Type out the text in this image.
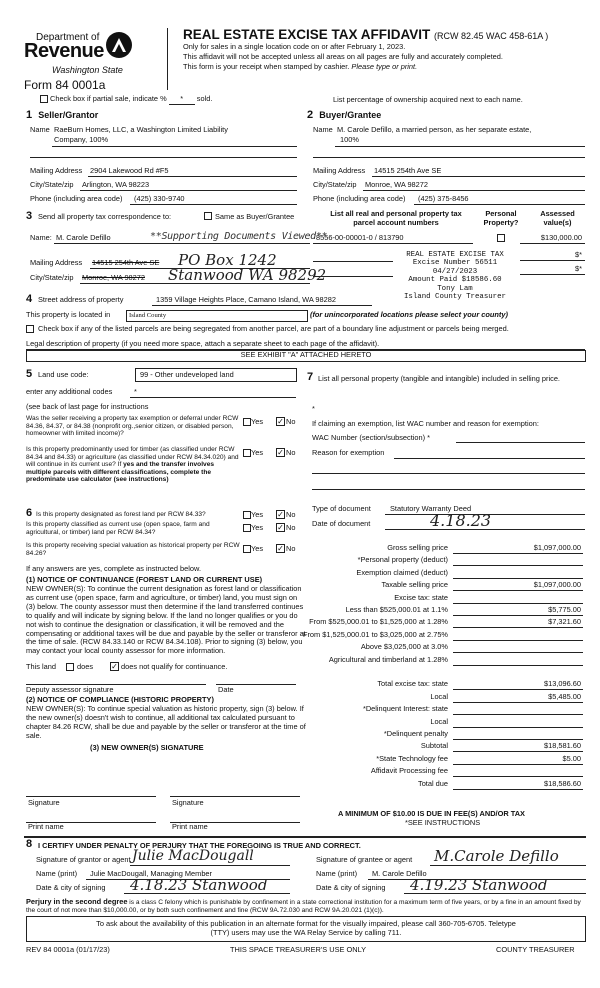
Department of
Revenue
Washington State
Form 84 0001a
REAL ESTATE EXCISE TAX AFFIDAVIT (RCW 82.45 WAC 458-61A )
Only for sales in a single location code on or after February 1, 2023.
This affidavit will not be accepted unless all areas on all pages are fully and accurately completed.
This form is your receipt when stamped by cashier. Please type or print.
Check box if partial sale, indicate % * sold.	List percentage of ownership acquired next to each name.
1 Seller/Grantor
Name RaeBurn Homes, LLC, a Washington Limited Liability
Company, 100%
Mailing Address 2904 Lakewood Rd #F5
City/State/zip Arlington, WA 98223
Phone (including area code) (425) 330-9740
2 Buyer/Grantee
Name M. Carole Defillo, a married person, as her separate estate,
100%
Mailing Address 14515 254th Ave SE
City/State/zip Monroe, WA 98272
Phone (including area code) (425) 375-8456
3 Send all property tax correspondence to:	Same as Buyer/Grantee
Name: M. Carole Defillo	**Supporting Documents Viewed**
Mailing Address 14515 254th Ave SE PO Box 1242
City/State/zip Monroe, WA 98272 Stanwood WA 98292
List all real and personal property tax
parcel account numbers
Personal
Property?
Assessed
value(s)
8556-00-00001-0 / 813790	$130,000.00
$*
$*
REAL ESTATE EXCISE TAX
Excise Number 56511
04/27/2023
Amount Paid $18586.60
Tony Lam
Island County Treasurer
4 Street address of property	1359 Village Heights Place, Camano Island, WA 98282
This property is located in	Island County	(for unincorporated locations please select your county)
Check box if any of the listed parcels are being segregated from another parcel, are part of a boundary line adjustment or parcels being merged.
Legal description of property (if you need more space, attach a separate sheet to each page of the affidavit).
SEE EXHIBIT "A" ATTACHED HERETO
5 Land use code:	99 - Other undeveloped land
enter any additional codes	*
(see back of last page for instructions
Was the seller receiving a property tax exemption or deferral under RCW 84.36, 84.37, or 84.38 (nonprofit org.,senior citizen, or disabled person, homeowner with limited income)?
Yes ✓ No
Is this property predominantly used for timber (as classified under RCW 84.34 and 84.33) or agriculture (as classified under RCW 84.34.020) and will continue in its current use? If yes and the transfer involves multiple parcels with different classifications, complete the predominate use calculator (see instructions)
Yes ✓ No
6 Is this property designated as forest land per RCW 84.33?	Yes ✓ No
Is this property classified as current use (open space, farm and agricultural, or timber) land per RCW 84.34?
Yes ✓ No
Is this property receiving special valuation as historical property per RCW 84.26?
Yes ✓ No
If any answers are yes, complete as instructed below.
(1) NOTICE OF CONTINUANCE (FOREST LAND OR CURRENT USE)
NEW OWNER(S): To continue the current designation as forest land or classification as current use (open space, farm and agriculture, or timber) land, you must sign on (3) below. The county assessor must then determine if the land transferred continues to qualify and will indicate by signing below. If the land no longer qualifies or you do not wish to continue the designation or classification, it will be removed and the compensating or additional taxes will be due and payable by the seller or transferor at the time of sale. (RCW 84.33.140 or RCW 84.34.108). Prior to signing (3) below, you may contact your local county assessor for more information.
This land	does ✓ does not qualify for continuance.
Deputy assessor signature	Date
(2) NOTICE OF COMPLIANCE (HISTORIC PROPERTY)
NEW OWNER(S): To continue special valuation as historic property, sign (3) below. If the new owner(s) doesn't wish to continue, all additional tax calculated pursuant to chapter 84.26 RCW, shall be due and payable by the seller or transferor at the time of sale.
(3) NEW OWNER(S) SIGNATURE
Signature	Signature
Print name	Print name
7 List all personal property (tangible and intangible) included in selling price.
*
If claiming an exemption, list WAC number and reason for exemption:
WAC Number (section/subsection) *
Reason for exemption
Type of document	Statutory Warranty Deed
Date of document	4.18.23
Gross selling price	$1,097,000.00
*Personal property (deduct)
Exemption claimed (deduct)
Taxable selling price	$1,097,000.00
Excise tax: state
Less than $525,000.01 at 1.1%	$5,775.00
From $525,000.01 to $1,525,000 at 1.28%	$7,321.60
From $1,525,000.01 to $3,025,000 at 2.75%
Above $3,025,000 at 3.0%
Agricultural and timberland at 1.28%
Total excise tax: state	$13,096.60
Local	$5,485.00
*Delinquent Interest: state
Local
*Delinquent penalty
Subtotal	$18,581.60
*State Technology fee	$5.00
Affidavit Processing fee
Total due	$18,586.60
A MINIMUM OF $10.00 IS DUE IN FEE(S) AND/OR TAX
*SEE INSTRUCTIONS
8 I CERTIFY UNDER PENALTY OF PERJURY THAT THE FOREGOING IS TRUE AND CORRECT.
Signature of grantor or agent Julie MacDougall
Name (print) Julie MacDougall, Managing Member
Date & city of signing 4.18.23 Stanwood
Signature of grantee or agent M.Carole Defillo
Name (print) M. Carole Defillo
Date & city of signing 4.19.23 Stanwood
Perjury in the second degree is a class C felony which is punishable by confinement in a state correctional institution for a maximum term of five years, or by a fine in an amount fixed by the court of not more than $10,000.00, or by both such confinement and fine (RCW 9A.72.030 and RCW 9A.20.021 (1)(c)).
To ask about the availability of this publication in an alternate format for the visually impaired, please call 360-705-6705. Teletype
(TTY) users may use the WA Relay Service by calling 711.
REV 84 0001a (01/17/23)	THIS SPACE TREASURER'S USE ONLY	COUNTY TREASURER
